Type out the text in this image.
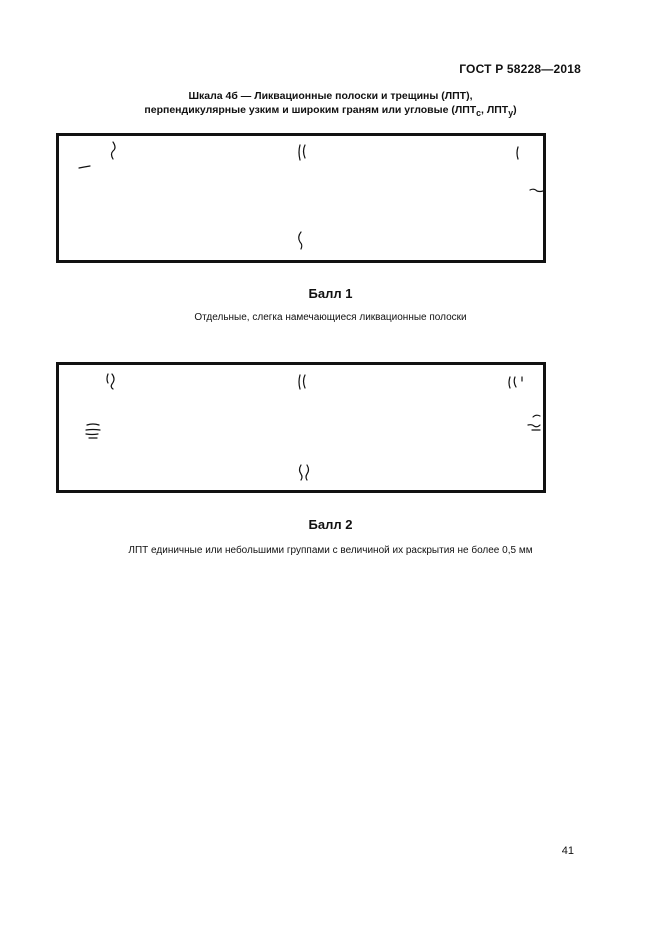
ГОСТ Р 58228—2018
Шкала 4б — Ликвационные полоски и трещины (ЛПТ),
перпендикулярные узким и широким граням или угловые ($ЛПТ_с$, $ЛПТ_у$)
Балл 1
Отдельные, слегка намечающиеся ликвационные полоски
Балл 2
ЛПТ единичные или небольшими группами с величиной их раскрытия не более 0,5 мм
41
